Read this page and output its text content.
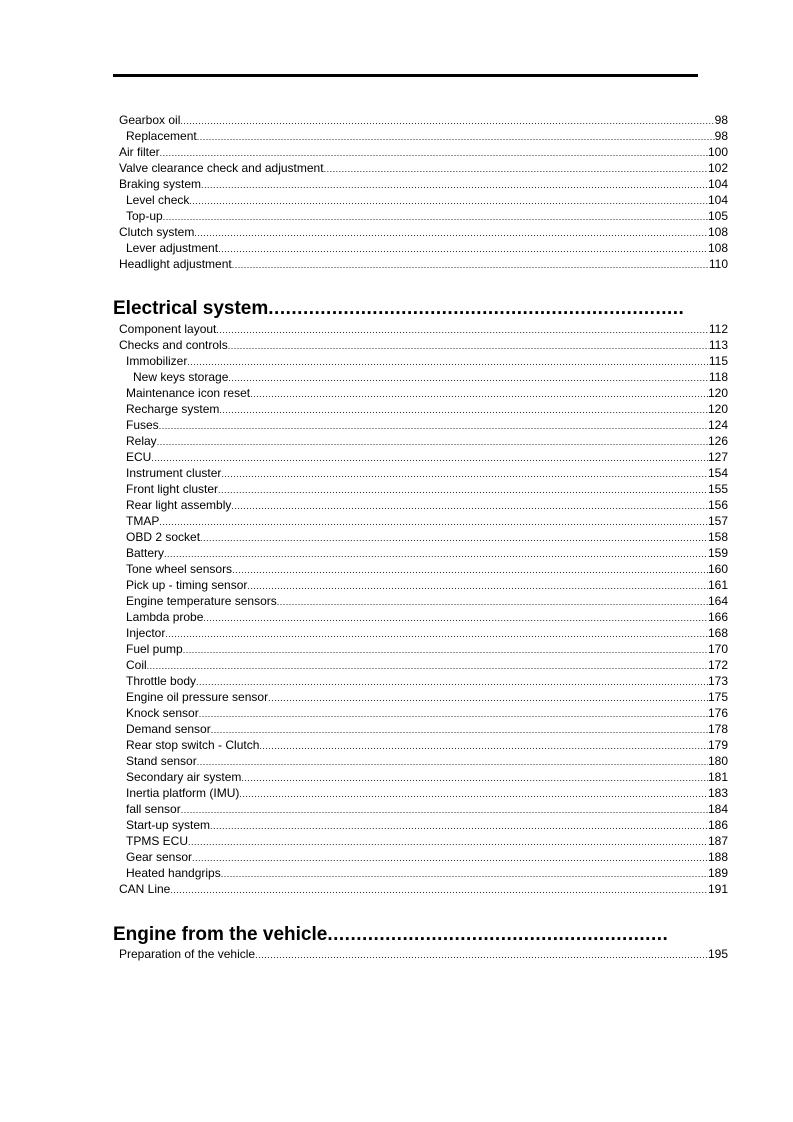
Gearbox oil .....	98
Replacement .....	98
Air filter .....	100
Valve clearance check and adjustment .....	102
Braking system .....	104
Level check .....	104
Top-up .....	105
Clutch system .....	108
Lever adjustment .....	108
Headlight adjustment .....	110
Electrical system........................................................................
Component layout .....	112
Checks and controls .....	113
Immobilizer .....	115
New keys storage .....	118
Maintenance icon reset .....	120
Recharge system .....	120
Fuses .....	124
Relay .....	126
ECU .....	127
Instrument cluster .....	154
Front light cluster .....	155
Rear light assembly .....	156
TMAP .....	157
OBD 2 socket .....	158
Battery .....	159
Tone wheel sensors .....	160
Pick up - timing sensor .....	161
Engine temperature sensors .....	164
Lambda probe .....	166
Injector .....	168
Fuel pump .....	170
Coil .....	172
Throttle body .....	173
Engine oil pressure sensor .....	175
Knock sensor .....	176
Demand sensor .....	178
Rear stop switch - Clutch .....	179
Stand sensor .....	180
Secondary air system .....	181
Inertia platform (IMU) .....	183
fall sensor .....	184
Start-up system .....	186
TPMS ECU .....	187
Gear sensor .....	188
Heated handgrips .....	189
CAN Line .....	191
Engine from the vehicle...........................................................
Preparation of the vehicle .....	195
